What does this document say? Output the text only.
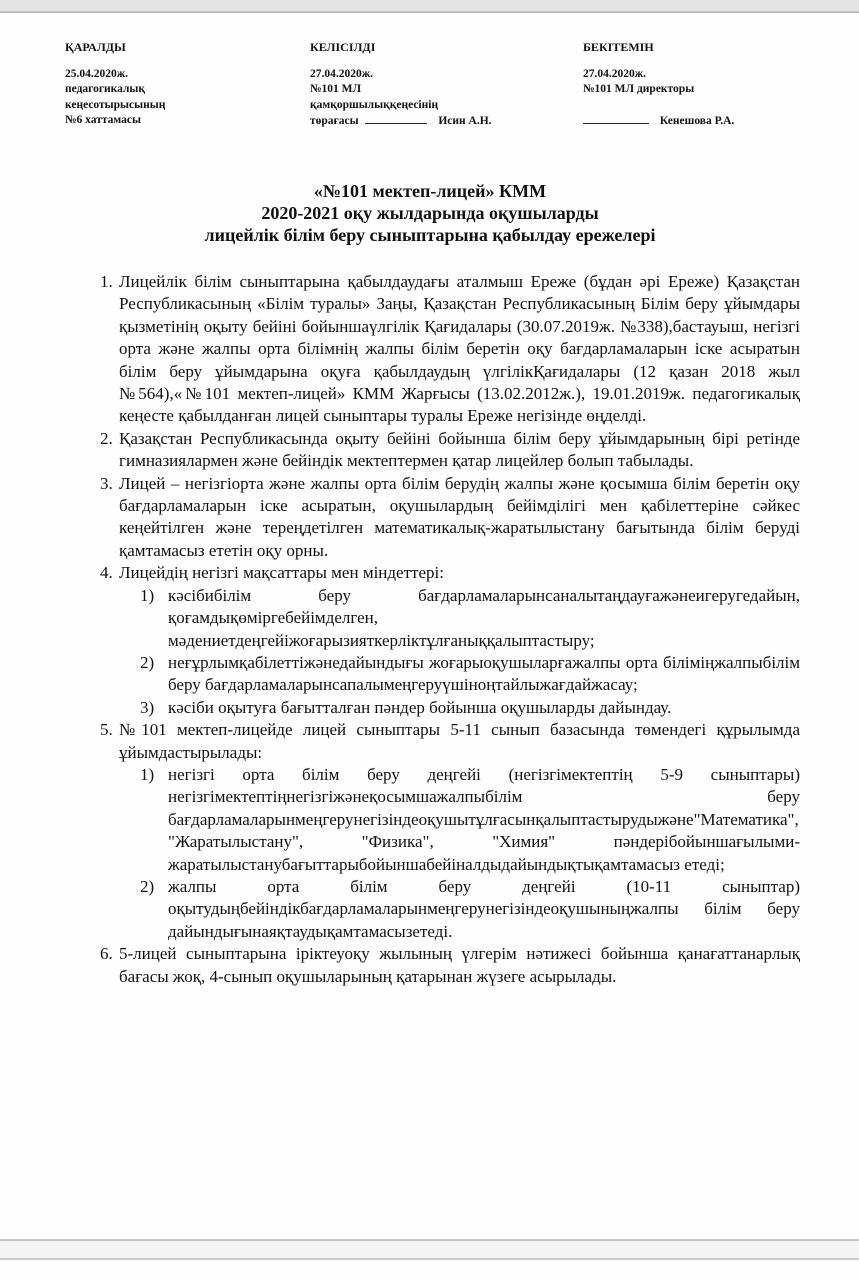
ҚАРАЛДЫ
25.04.2020ж.
педагогикалық
кеңесотырысының
№6 хаттамасы
КЕЛІСІЛДІ
27.04.2020ж.
№101 МЛ
қамқоршылыққеңесінің
төрағасы	Исин А.Н.
БЕКІТЕМІН
27.04.2020ж.
№101 МЛ директоры
Кенешова Р.А.
«№101 мектеп-лицей» КММ
2020-2021 оқу жылдарында оқушыларды
лицейлік білім беру сыныптарына қабылдау ережелері
1. Лицейлік білім сыныптарына қабылдаудағы аталмыш Ереже (бұдан әрі Ереже) Қазақстан Республикасының «Білім туралы» Заңы, Қазақстан Республикасының Білім беру ұйымдары қызметінің оқыту бейіні бойыншаүлгілік Қағидалары (30.07.2019ж. №338),бастауыш, негізгі орта және жалпы орта білімнің жалпы білім беретін оқу бағдарламаларын іске асыратын білім беру ұйымдарына оқуға қабылдаудың үлгілікҚағидалары (12 қазан 2018 жыл №564),«№101 мектеп-лицей» КММ Жарғысы (13.02.2012ж.), 19.01.2019ж. педагогикалық кеңесте қабылданған лицей сыныптары туралы Ереже негізінде өңделді.
2. Қазақстан Республикасында оқыту бейіні бойынша білім беру ұйымдарының бірі ретінде гимназиялармен және бейіндік мектептермен қатар лицейлер болып табылады.
3. Лицей – негізгіорта және жалпы орта білім берудің жалпы және қосымша білім беретін оқу бағдарламаларын іске асыратын, оқушылардың бейімділігі мен қабілеттеріне сәйкес кеңейтілген және тереңдетілген математикалық-жаратылыстану бағытында білім беруді қамтамасыз ететін оқу орны.
4. Лицейдің негізгі мақсаттары мен міндеттері:
1) кәсібибілім беру бағдарламаларынсаналытаңдауғажәнеигеругедайын, қоғамдықөміргебейімделген, мәдениетдеңгейіжоғарызияткерліктұлғаныққалыптастыру;
2) неғұрлымқабілеттіжәнедайындығы жоғарыоқушыларғажалпы орта біліміңжалпыбілім беру бағдарламаларынсапалымеңгеруүшіноңтайлыжағдайжасау;
3) кәсіби оқытуға бағытталған пәндер бойынша оқушыларды дайындау.
5. №101 мектеп-лицейде лицей сыныптары 5-11 сынып базасында төмендегі құрылымда ұйымдастырылады:
1) негізгі орта білім беру деңгейі (негізгімектептің 5-9 сыныптары) негізгімектептіңнегізгіжәнеқосымшажалпыбілім беру бағдарламаларынмеңгерунегізіндеоқушытұлғасынқалыптастырудыжәне"Математика", "Жаратылыстану", "Физика", "Химия" пәндерібойыншағылыми-жаратылыстанубағыттарыбойыншабейіналдыдайындықтықамтамасыз етеді;
2) жалпы орта білім беру деңгейі (10-11 сыныптар) оқытудыңбейіндікбағдарламаларынмеңгерунегізіндеоқушыныңжалпы білім беру дайындығынаяқтаудықамтамасызетеді.
6. 5-лицей сыныптарына іріктеуоқу жылының үлгерім нәтижесі бойынша қанағаттанарлық бағасы жоқ, 4-сынып оқушыларының қатарынан жүзеге асырылады.
